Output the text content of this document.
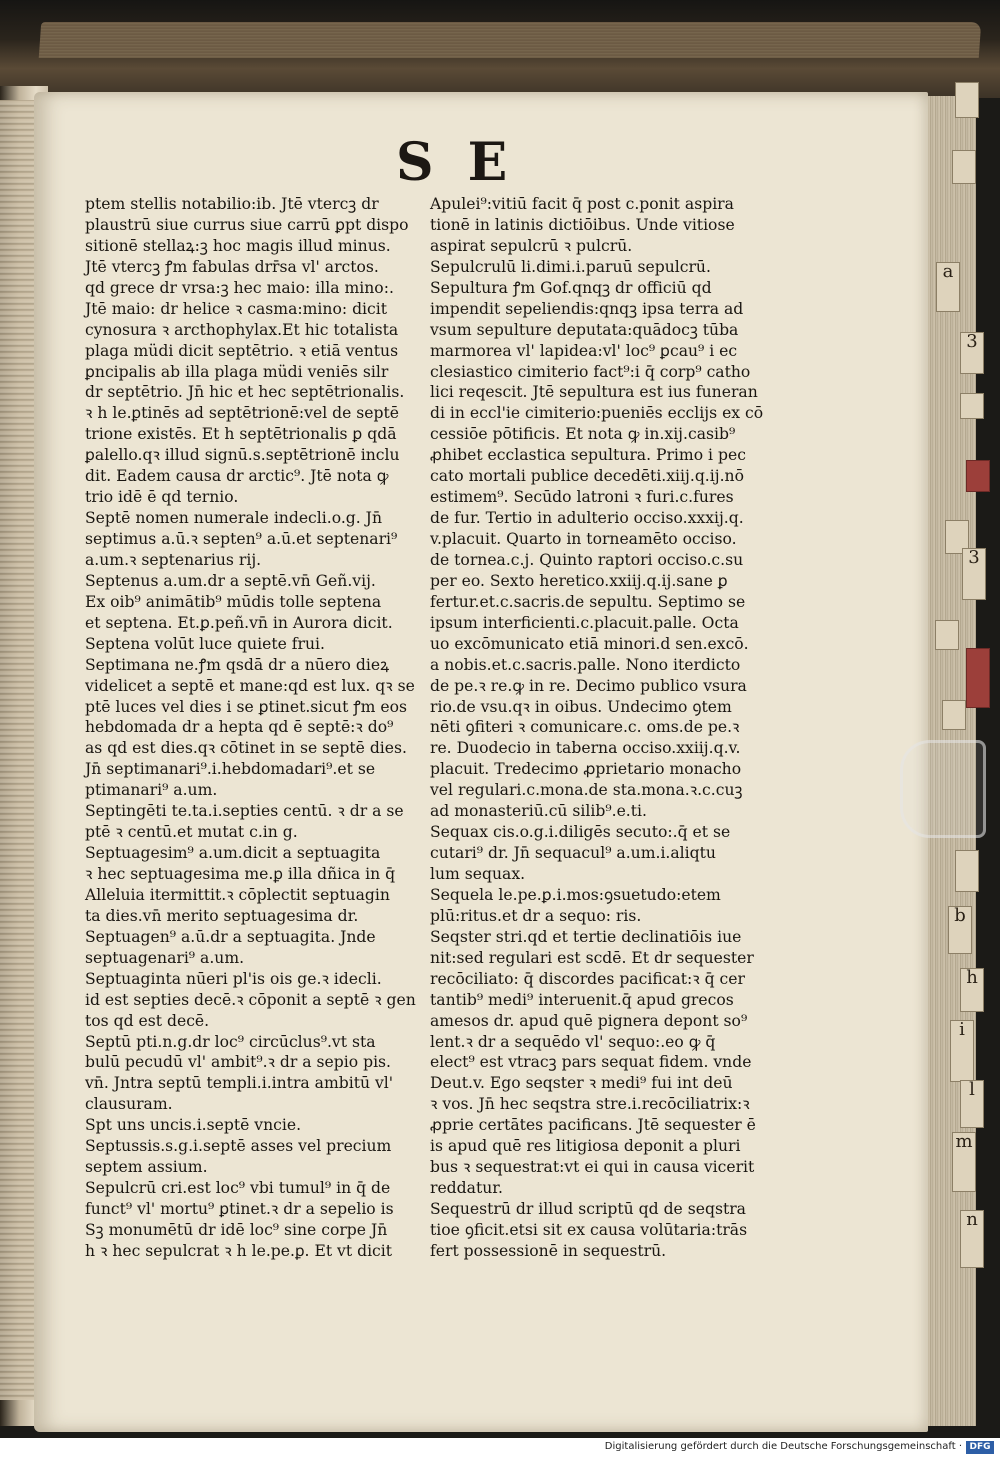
S E
ptem stellis notabilio:ib. Jtē vtercꝫ dr
plaustrū siue currus siue carrū ꝑpt dispo
sitionē stellaꝝ:ꝫ hoc magis illud minus.
Jtē vtercꝫ ꝭm fabulas drr̄sa vl' arctos.
qd grece dr vrsa:ꝫ hec maio: illa mino:.
Jtē maio: dr helice ꝛ casma:mino: dicit
cynosura ꝛ arcthophylax.Et hic totalista
plaga müdi dicit septētrio. ꝛ etiā ventus
ꝑncipalis ab illa plaga müdi veniēs silr
dr septētrio. Jn̄ hic et hec septētrionalis.
ꝛ h le.ꝑtinēs ad septētrionē:vel de septē
trione existēs. Et h septētrionalis ꝑ qdā
ꝑalello.qꝛ illud signū.s.septētrionē inclu
dit. Eadem causa dr arctic⁹. Jtē nota ꝙ
trio idē ē qd ternio.
Septē nomen numerale indecli.o.g. Jn̄
septimus a.ū.ꝛ septen⁹ a.ū.et septenari⁹
a.um.ꝛ septenarius rij.
Septenus a.um.dr a septē.vn̄ Geñ.vij.
Ex oib⁹ animātib⁹ mūdis tolle septena
et septena. Et.ꝑ.peñ.vn̄ in Aurora dicit.
Septena volūt luce quiete frui.
Septimana ne.ꝭm qsdā dr a nūero dieꝝ
videlicet a septē et mane:qd est lux. qꝛ se
ptē luces vel dies i se ꝑtinet.sicut ꝭm eos
hebdomada dr a hepta qd ē septē:ꝛ do⁹
as qd est dies.qꝛ cōtinet in se septē dies.
Jn̄ septimanari⁹.i.hebdomadari⁹.et se
ptimanari⁹ a.um.
Septingēti te.ta.i.septies centū. ꝛ dr a se
ptē ꝛ centū.et mutat c.in g.
Septuagesim⁹ a.um.dicit a septuagita
ꝛ hec septuagesima me.ꝑ illa dñica in q̄
Alleluia itermittit.ꝛ cōplectit septuagin
ta dies.vn̄ merito septuagesima dr.
Septuagen⁹ a.ū.dr a septuagita. Jnde
septuagenari⁹ a.um.
Septuaginta nūeri pl'is ois ge.ꝛ idecli.
id est septies decē.ꝛ cōponit a septē ꝛ gen
tos qd est decē.
Septū pti.n.g.dr loc⁹ circūclus⁹.vt sta
bulū pecudū vl' ambit⁹.ꝛ dr a sepio pis.
vn̄. Jntra septū templi.i.intra ambitū vl'
clausuram.
Spt uns uncis.i.septē vncie.
Septussis.s.g.i.septē asses vel precium
septem assium.
Sepulcrū cri.est loc⁹ vbi tumul⁹ in q̄ de
funct⁹ vl' mortu⁹ ꝑtinet.ꝛ dr a sepelio is
Sꝫ monumētū dr idē loc⁹ sine corpe Jn̄
h ꝛ hec sepulcrat ꝛ h le.pe.ꝑ. Et vt dicit
Apulei⁹:vitiū facit q̄ post c.ponit aspira
tionē in latinis dictiōibus. Unde vitiose
aspirat sepulcrū ꝛ pulcrū.
Sepulcrulū li.dimi.i.paruū sepulcrū.
Sepultura ꝭm Gof.qnqꝫ dr officiū qd
impendit sepeliendis:qnqꝫ ipsa terra ad
vsum sepulture deputata:quādocꝫ tūba
marmorea vl' lapidea:vl' loc⁹ ꝑcau⁹ i ec
clesiastico cimiterio fact⁹:i q̄ corp⁹ catho
lici reqescit. Jtē sepultura est ius funeran
di in eccl'ie cimiterio:pueniēs ecclijs ex cō
cessiōe pōtificis. Et nota ꝙ in.xij.casib⁹
ꝓhibet ecclastica sepultura. Primo i pec
cato mortali publice decedēti.xiij.q.ij.nō
estimem⁹. Secūdo latroni ꝛ furi.c.fures
de fur. Tertio in adulterio occiso.xxxij.q.
v.placuit. Quarto in torneamēto occiso.
de tornea.c.j. Quinto raptori occiso.c.su
per eo. Sexto heretico.xxiij.q.ij.sane ꝑ
fertur.et.c.sacris.de sepultu. Septimo se
ipsum interficienti.c.placuit.palle. Octa
uo excōmunicato etiā minori.d sen.excō.
a nobis.et.c.sacris.palle. Nono iterdicto
de pe.ꝛ re.ꝙ in re. Decimo publico vsura
rio.de vsu.qꝛ in oibus. Undecimo ꝯtem
nēti ꝯfiteri ꝛ comunicare.c. oms.de pe.ꝛ
re. Duodecio in taberna occiso.xxiij.q.v.
placuit. Tredecimo ꝓprietario monacho
vel regulari.c.mona.de sta.mona.ꝛ.c.cuꝫ
ad monasteriū.cū silib⁹.e.ti.
Sequax cis.o.g.i.diligēs secuto:.q̄ et se
cutari⁹ dr. Jn̄ sequacul⁹ a.um.i.aliqtu
lum sequax.
Sequela le.pe.ꝑ.i.mos:ꝯsuetudo:etem
plū:ritus.et dr a sequo: ris.
Seqster stri.qd et tertie declinatiōis iue
nit:sed regulari est scdē. Et dr sequester
recōciliato: q̄ discordes pacificat:ꝛ q̄ cer
tantib⁹ medi⁹ interuenit.q̄ apud grecos
amesos dr. apud quē pignera depont so⁹
lent.ꝛ dr a sequēdo vl' sequo:.eo ꝙ q̄
elect⁹ est vtracꝫ pars sequat fidem. vnde
Deut.v. Ego seqster ꝛ medi⁹ fui int deū
ꝛ vos. Jn̄ hec seqstra stre.i.recōciliatrix:ꝛ
ꝓprie certātes pacificans. Jtē sequester ē
is apud quē res litigiosa deponit a pluri
bus ꝛ sequestrat:vt ei qui in causa vicerit
reddatur.
Sequestrū dr illud scriptū qd de seqstra
tioe ꝯficit.etsi sit ex causa volūtaria:trās
fert possessionē in sequestrū.
a
3
3
b
h
i
l
m
n
Digitalisierung gefördert durch die Deutsche Forschungsgemeinschaft · DFG
